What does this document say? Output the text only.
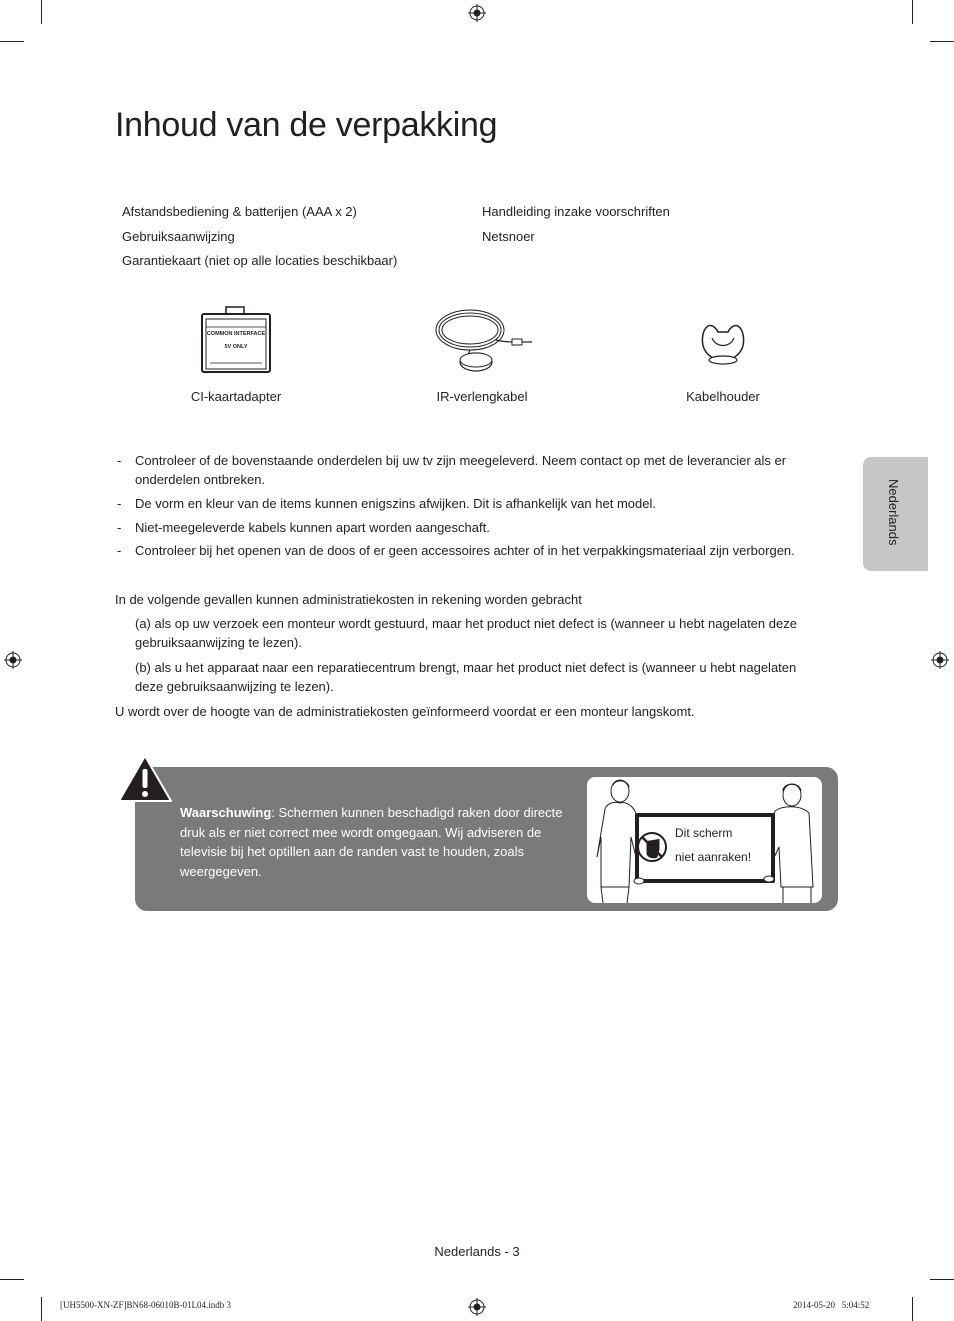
Inhoud van de verpakking
Nederlands
Afstandsbediening & batterijen (AAA x 2)
Gebruiksaanwijzing
Garantiekaart (niet op alle locaties beschikbaar)
Handleiding inzake voorschriften
Netsnoer
COMMON INTERFACE
5V ONLY
CI-kaartadapter	IR-verlengkabel	Kabelhouder
- Controleer of de bovenstaande onderdelen bij uw tv zijn meegeleverd. Neem contact op met de leverancier als er onderdelen ontbreken.
- De vorm en kleur van de items kunnen enigszins afwijken. Dit is afhankelijk van het model.
- Niet-meegeleverde kabels kunnen apart worden aangeschaft.
- Controleer bij het openen van de doos of er geen accessoires achter of in het verpakkingsmateriaal zijn verborgen.
In de volgende gevallen kunnen administratiekosten in rekening worden gebracht
(a) als op uw verzoek een monteur wordt gestuurd, maar het product niet defect is (wanneer u hebt nagelaten deze gebruiksaanwijzing te lezen).
(b) als u het apparaat naar een reparatiecentrum brengt, maar het product niet defect is (wanneer u hebt nagelaten deze gebruiksaanwijzing te lezen).
U wordt over de hoogte van de administratiekosten geïnformeerd voordat er een monteur langskomt.
Waarschuwing: Schermen kunnen beschadigd raken door directe druk als er niet correct mee wordt omgegaan. Wij adviseren de televisie bij het optillen aan de randen vast te houden, zoals weergegeven.
Dit scherm
niet aanraken!
Nederlands - 3
[UH5500-XN-ZF]BN68-06010B-01L04.indb 3	2014-05-20   5:04:52
